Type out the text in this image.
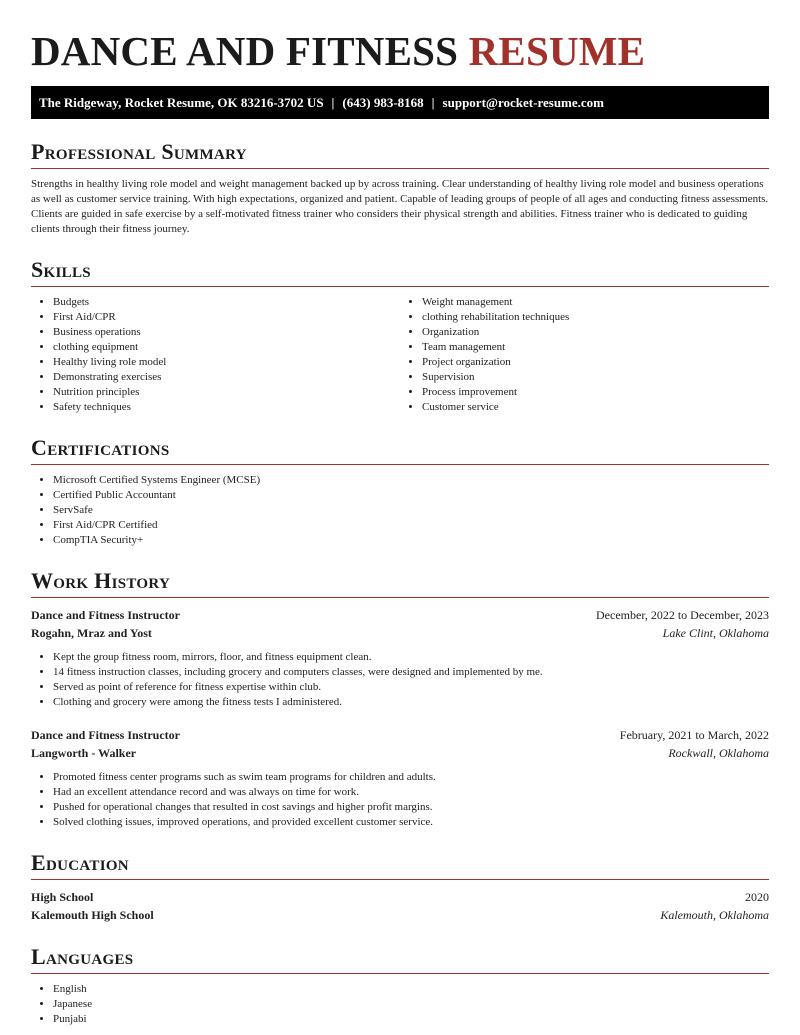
DANCE AND FITNESS RESUME
The Ridgeway, Rocket Resume, OK 83216-3702 US | (643) 983-8168 | support@rocket-resume.com
Professional Summary

Strengths in healthy living role model and weight management backed up by across training. Clear understanding of healthy living role model and business operations as well as customer service training. With high expectations, organized and patient. Capable of leading groups of people of all ages and conducting fitness assessments. Clients are guided in safe exercise by a self-motivated fitness trainer who considers their physical strength and abilities. Fitness trainer who is dedicated to guiding clients through their fitness journey.

Skills
• Budgets
• First Aid/CPR
• Business operations
• clothing equipment
• Healthy living role model
• Demonstrating exercises
• Nutrition principles
• Safety techniques
• Weight management
• clothing rehabilitation techniques
• Organization
• Team management
• Project organization
• Supervision
• Process improvement
• Customer service
Certifications
• Microsoft Certified Systems Engineer (MCSE)
• Certified Public Accountant
• ServSafe
• First Aid/CPR Certified
• CompTIA Security+
Work History
Dance and Fitness Instructor	December, 2022 to December, 2023
Rogahn, Mraz and Yost	Lake Clint, Oklahoma
• Kept the group fitness room, mirrors, floor, and fitness equipment clean.
• 14 fitness instruction classes, including grocery and computers classes, were designed and implemented by me.
• Served as point of reference for fitness expertise within club.
• Clothing and grocery were among the fitness tests I administered.
Dance and Fitness Instructor	February, 2021 to March, 2022
Langworth - Walker	Rockwall, Oklahoma
• Promoted fitness center programs such as swim team programs for children and adults.
• Had an excellent attendance record and was always on time for work.
• Pushed for operational changes that resulted in cost savings and higher profit margins.
• Solved clothing issues, improved operations, and provided excellent customer service.
Education
High School	2020
Kalemouth High School	Kalemouth, Oklahoma
Languages
• English
• Japanese
• Punjabi
